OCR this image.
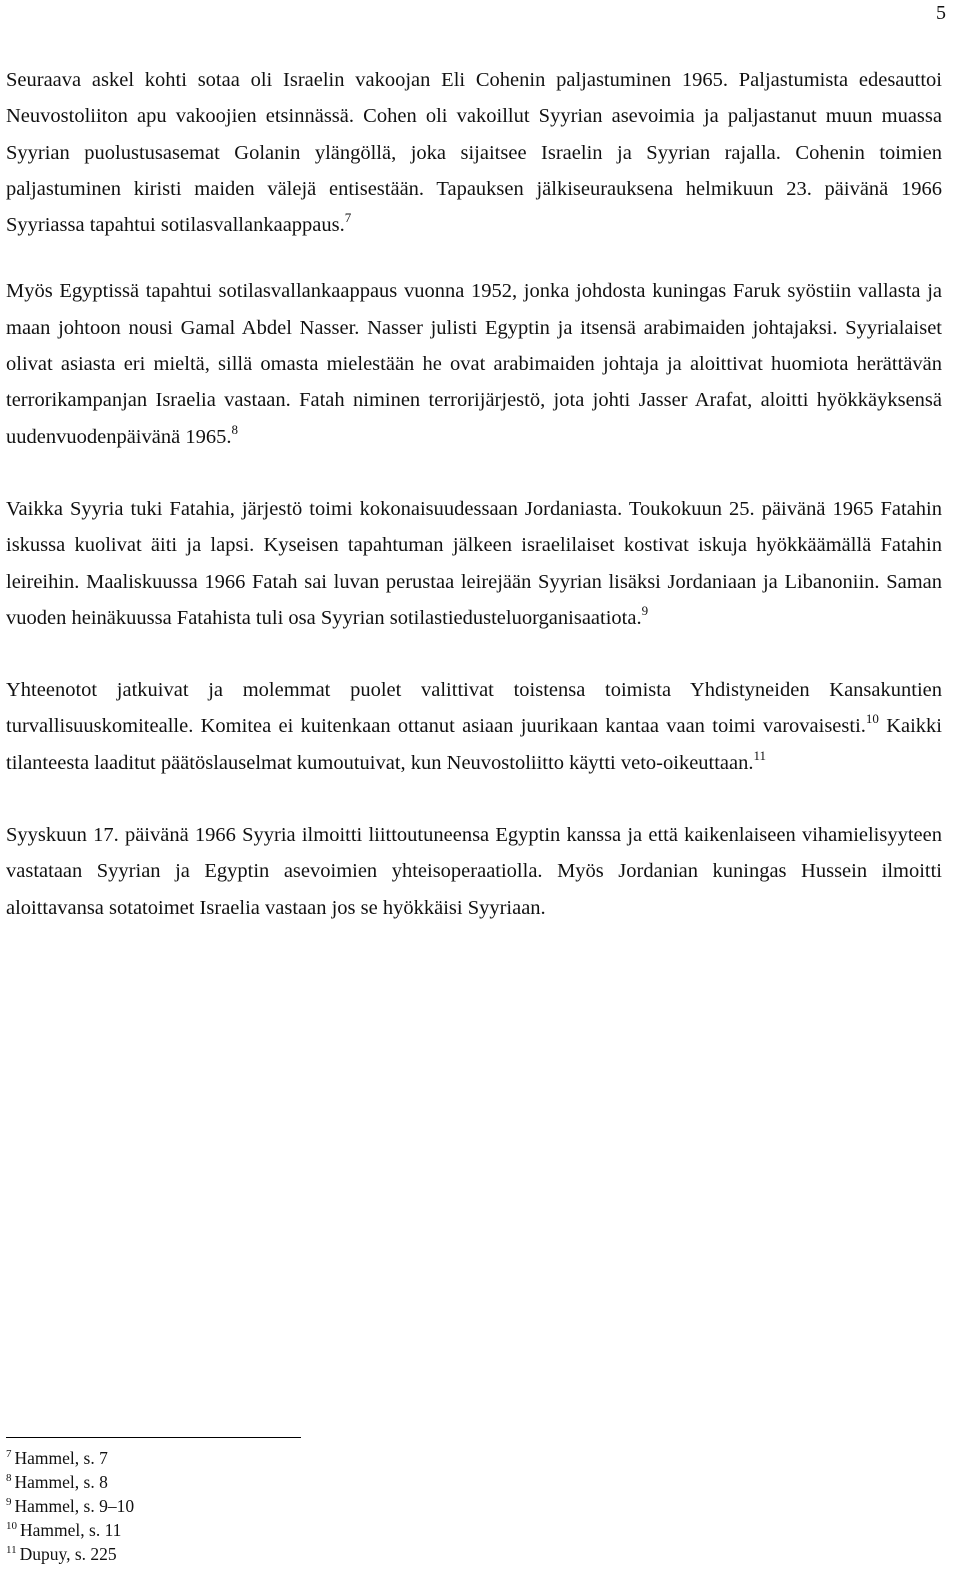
5

Seuraava askel kohti sotaa oli Israelin vakoojan Eli Cohenin paljastuminen 1965. Paljastumista edesauttoi Neuvostoliiton apu vakoojien etsinnässä. Cohen oli vakoillut Syyrian asevoimia ja paljastanut muun muassa Syyrian puolustusasemat Golanin ylängöllä, joka sijaitsee Israelin ja Syyrian rajalla. Cohenin toimien paljastuminen kiristi maiden välejä entisestään. Tapauksen jälkiseurauksena helmikuun 23. päivänä 1966 Syyriassa tapahtui sotilasvallankaappaus.$^7$

Myös Egyptissä tapahtui sotilasvallankaappaus vuonna 1952, jonka johdosta kuningas Faruk syöstiin vallasta ja maan johtoon nousi Gamal Abdel Nasser. Nasser julisti Egyptin ja itsensä arabimaiden johtajaksi. Syyrialaiset olivat asiasta eri mieltä, sillä omasta mielestään he ovat arabimaiden johtaja ja aloittivat huomiota herättävän terrorikampanjan Israelia vastaan. Fatah niminen terrorijärjestö, jota johti Jasser Arafat, aloitti hyökkäyksensä uudenvuodenpäivänä 1965.$^8$

Vaikka Syyria tuki Fatahia, järjestö toimi kokonaisuudessaan Jordaniasta. Toukokuun 25. päivänä 1965 Fatahin iskussa kuolivat äiti ja lapsi. Kyseisen tapahtuman jälkeen israelilaiset kostivat iskuja hyökkäämällä Fatahin leireihin. Maaliskuussa 1966 Fatah sai luvan perustaa leirejään Syyrian lisäksi Jordaniaan ja Libanoniin. Saman vuoden heinäkuussa Fatahista tuli osa Syyrian sotilastiedusteluorganisaatiota.$^9$

Yhteenotot jatkuivat ja molemmat puolet valittivat toistensa toimista Yhdistyneiden Kansakuntien turvallisuuskomitealle. Komitea ei kuitenkaan ottanut asiaan juurikaan kantaa vaan toimi varovaisesti.$^{10}$ Kaikki tilanteesta laaditut päätöslauselmat kumoutuivat, kun Neuvostoliitto käytti veto-oikeuttaan.$^{11}$

Syyskuun 17. päivänä 1966 Syyria ilmoitti liittoutuneensa Egyptin kanssa ja että kaikenlaiseen vihamielisyyteen vastataan Syyrian ja Egyptin asevoimien yhteisoperaatiolla. Myös Jordanian kuningas Hussein ilmoitti aloittavansa sotatoimet Israelia vastaan jos se hyökkäisi Syyriaan.

$^7$ Hammel, s. 7
$^8$ Hammel, s. 8
$^9$ Hammel, s. 9–10
$^{10}$ Hammel, s. 11
$^{11}$ Dupuy, s. 225
